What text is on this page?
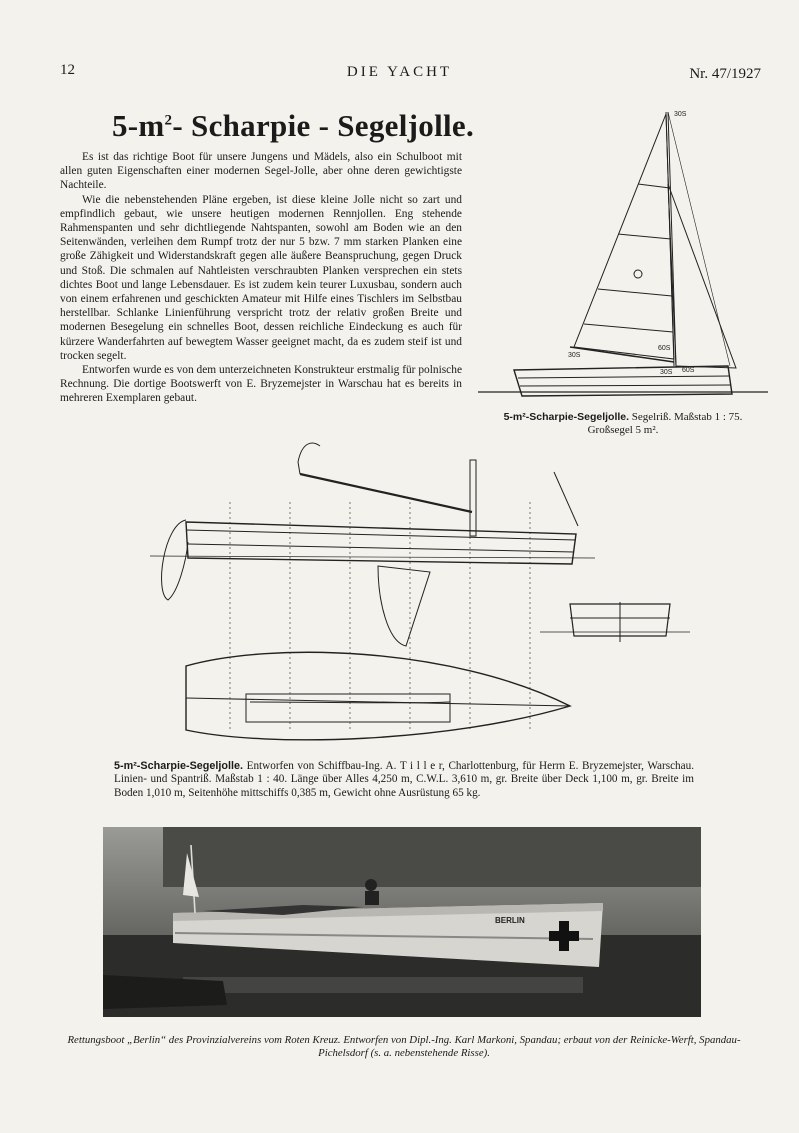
12	DIE YACHT	Nr. 47/1927
$5-m^2-$ Scharpie - Segeljolle.

Es ist das richtige Boot für unsere Jungens und Mädels, also ein Schulboot mit allen guten Eigenschaften einer modernen Segel-Jolle, aber ohne deren gewichtigste Nachteile.

Wie die nebenstehenden Pläne ergeben, ist diese kleine Jolle nicht so zart und empfindlich gebaut, wie unsere heutigen modernen Rennjollen. Eng stehende Rahmenspanten und sehr dichtliegende Nahtspanten, sowohl am Boden wie an den Seitenwänden, verleihen dem Rumpf trotz der nur 5 bzw. 7 mm starken Planken eine große Zähigkeit und Widerstandskraft gegen alle äußere Beanspruchung, gegen Druck und Stoß. Die schmalen auf Nahtleisten verschraubten Planken versprechen ein stets dichtes Boot und lange Lebensdauer. Es ist zudem kein teurer Luxusbau, sondern auch von einem erfahrenen und geschickten Amateur mit Hilfe eines Tischlers im Selbstbau herstellbar. Schlanke Linienführung verspricht trotz der relativ großen Breite und modernen Besegelung ein schnelles Boot, dessen reichliche Eindeckung es auch für kürzere Wanderfahrten auf bewegtem Wasser geeignet macht, da es zudem steif ist und trocken segelt.

Entworfen wurde es von dem unterzeichneten Konstrukteur erstmalig für polnische Rechnung. Die dortige Bootswerft von E. Bryzemejster in Warschau hat es bereits in mehreren Exemplaren gebaut.

30S
30S
30S 60S
60S
5-m²-Scharpie-Segeljolle. Segelriß. Maßstab 1 : 75.
Großsegel 5 m².
5-m²-Scharpie-Segeljolle. Entworfen von Schiffbau-Ing. A. T i l l e r, Charlottenburg, für Herrn E. Bryzemejster, Warschau. Linien- und Spantriß. Maßstab 1 : 40. Länge über Alles 4,250 m, C.W.L. 3,610 m, gr. Breite über Deck 1,100 m, gr. Breite im Boden 1,010 m, Seitenhöhe mittschiffs 0,385 m, Gewicht ohne Ausrüstung 65 kg.
BERLIN
Rettungsboot „Berlin“ des Provinzialvereins vom Roten Kreuz. Entworfen von Dipl.-Ing. Karl Markoni, Spandau; erbaut von der Reinicke-Werft, Spandau-Pichelsdorf (s. a. nebenstehende Risse).
